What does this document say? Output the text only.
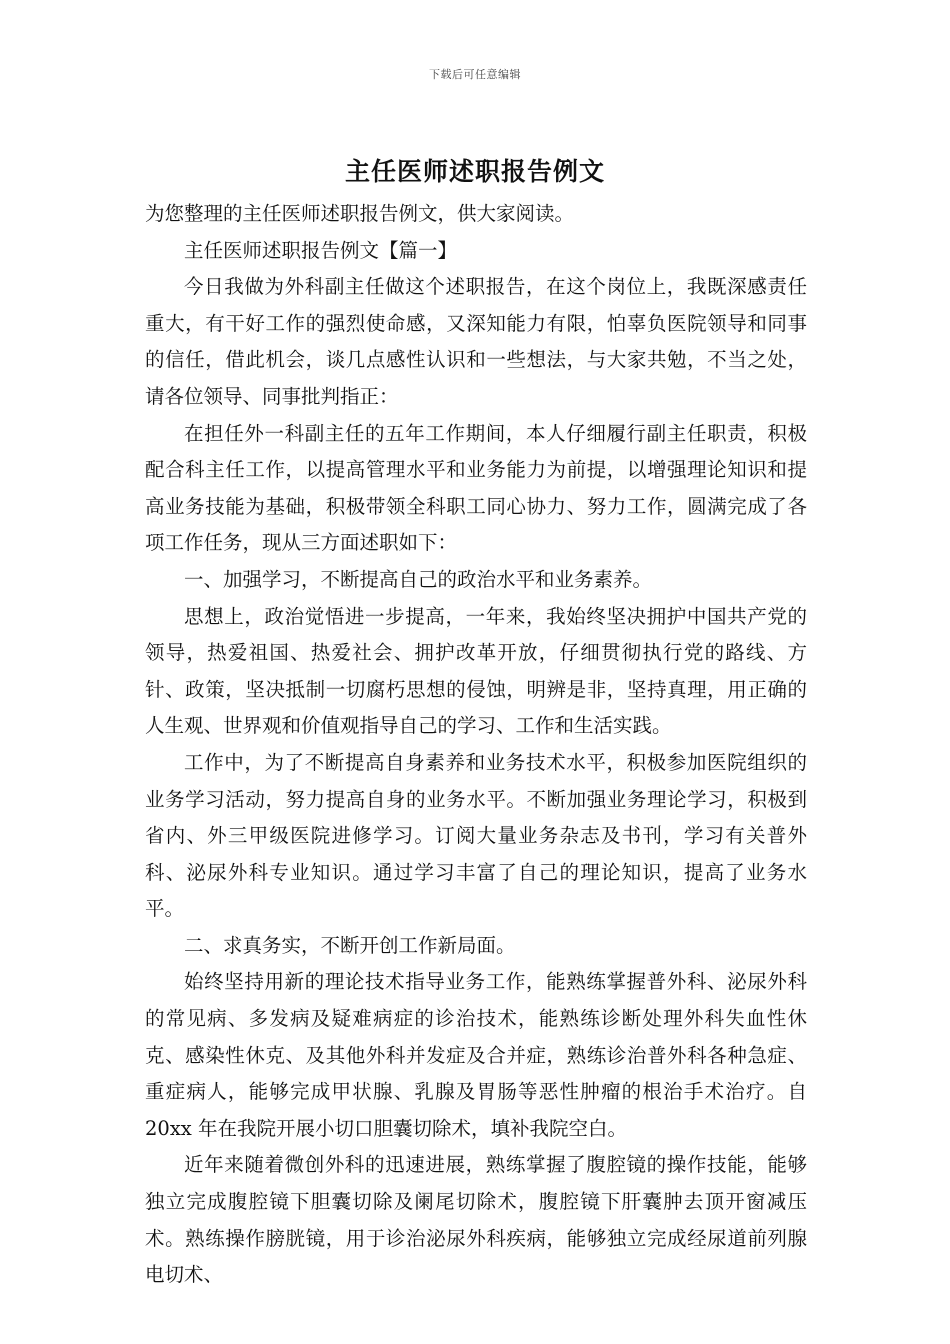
下载后可任意编辑
主任医师述职报告例文

为您整理的主任医师述职报告例文，供大家阅读。

主任医师述职报告例文【篇一】

今日我做为外科副主任做这个述职报告，在这个岗位上，我既深感责任重大，有干好工作的强烈使命感，又深知能力有限，怕辜负医院领导和同事的信任，借此机会，谈几点感性认识和一些想法，与大家共勉，不当之处，请各位领导、同事批判指正：

在担任外一科副主任的五年工作期间，本人仔细履行副主任职责，积极配合科主任工作，以提高管理水平和业务能力为前提，以增强理论知识和提高业务技能为基础，积极带领全科职工同心协力、努力工作，圆满完成了各项工作任务，现从三方面述职如下：

一、加强学习，不断提高自己的政治水平和业务素养。

思想上，政治觉悟进一步提高，一年来，我始终坚决拥护中国共产党的领导，热爱祖国、热爱社会、拥护改革开放，仔细贯彻执行党的路线、方针、政策，坚决抵制一切腐朽思想的侵蚀，明辨是非，坚持真理，用正确的人生观、世界观和价值观指导自己的学习、工作和生活实践。

工作中，为了不断提高自身素养和业务技术水平，积极参加医院组织的业务学习活动，努力提高自身的业务水平。不断加强业务理论学习，积极到省内、外三甲级医院进修学习。订阅大量业务杂志及书刊，学习有关普外科、泌尿外科专业知识。通过学习丰富了自己的理论知识，提高了业务水平。

二、求真务实，不断开创工作新局面。

始终坚持用新的理论技术指导业务工作，能熟练掌握普外科、泌尿外科的常见病、多发病及疑难病症的诊治技术，能熟练诊断处理外科失血性休克、感染性休克、及其他外科并发症及合并症，熟练诊治普外科各种急症、重症病人，能够完成甲状腺、乳腺及胃肠等恶性肿瘤的根治手术治疗。自 20xx 年在我院开展小切口胆囊切除术，填补我院空白。

近年来随着微创外科的迅速进展，熟练掌握了腹腔镜的操作技能，能够独立完成腹腔镜下胆囊切除及阑尾切除术，腹腔镜下肝囊肿去顶开窗减压术。熟练操作膀胱镜，用于诊治泌尿外科疾病，能够独立完成经尿道前列腺电切术、
